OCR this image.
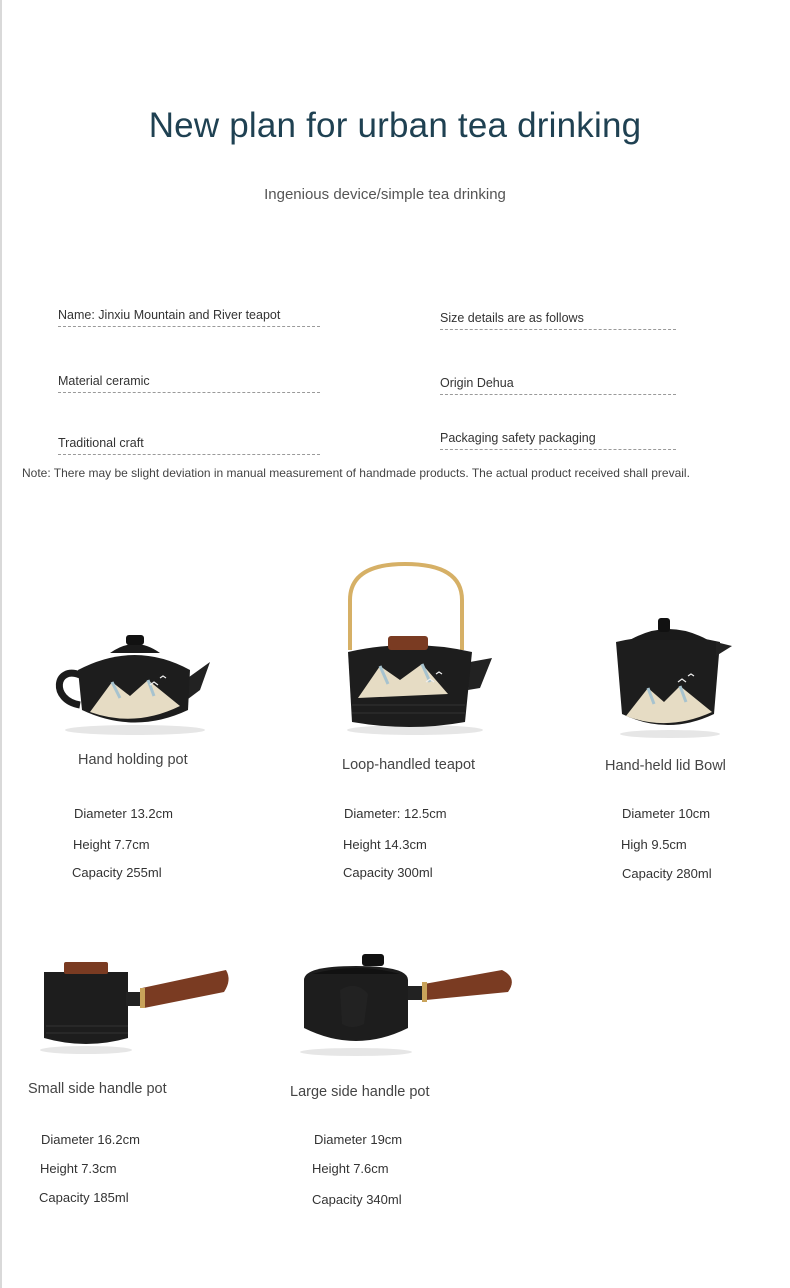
New plan for urban tea drinking
Ingenious device/simple tea drinking
Name: Jinxiu Mountain and River teapot	Size details are as follows
Material ceramic	Origin Dehua
Traditional craft	Packaging safety packaging
Note: There may be slight deviation in manual measurement of handmade products. The actual product received shall prevail.
Hand holding pot
Diameter 13.2cm
Height 7.7cm
Capacity 255ml
Loop-handled teapot
Diameter: 12.5cm
Height 14.3cm
Capacity 300ml
Hand-held lid Bowl
Diameter 10cm
High 9.5cm
Capacity 280ml
Small side handle pot
Diameter 16.2cm
Height 7.3cm
Capacity 185ml
Large side handle pot
Diameter 19cm
Height 7.6cm
Capacity 340ml
